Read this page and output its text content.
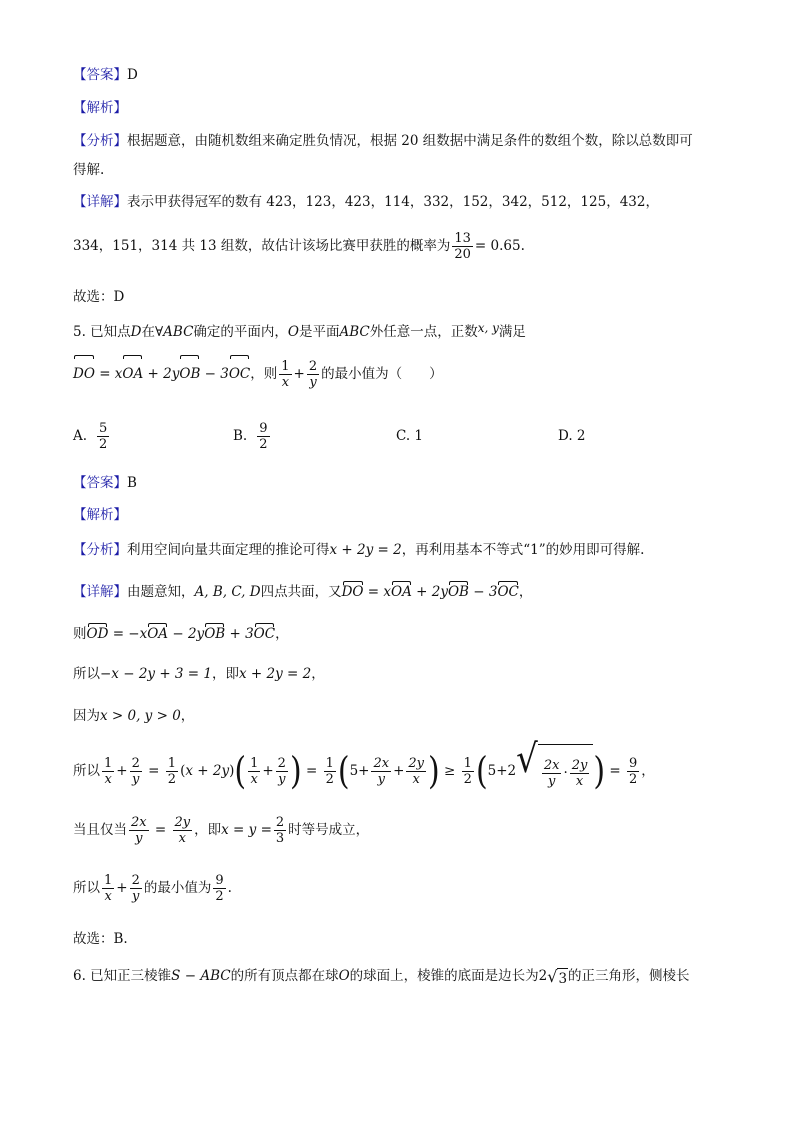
【答案】D
【解析】
【分析】根据题意，由随机数组来确定胜负情况，根据 20 组数据中满足条件的数组个数，除以总数即可
得解.
【详解】表示甲获得冠军的数有 423，123，423，114，332，152，342，512，125，432，
334，151，314 共 13 组数，故估计该场比赛甲获胜的概率为 $\frac{13}{20} = 0.65$.
故选：D
5. 已知点D在∀ABC确定的平面内，O是平面ABC外任意一点，正数x, y满足
DO = xOA + 2yOB − 3OC，则 $\frac{1}{x} + \frac{2}{y}$ 的最小值为（　　）
A. $\frac{5}{2}$	B. $\frac{9}{2}$	C. 1	D. 2
【答案】B
【解析】
【分析】利用空间向量共面定理的推论可得x + 2y = 2，再利用基本不等式“1”的妙用即可得解.
【详解】由题意知，A, B, C, D四点共面，又DO = xOA + 2yOB − 3OC，
则OD = −xOA − 2yOB + 3OC，
所以−x − 2y + 3 = 1，即x + 2y = 2，
因为x > 0, y > 0，
所以 $\frac{1}{x} + \frac{2}{y} = \frac{1}{2} (x + 2y)( \frac{1}{x} + \frac{2}{y}$ ) = $\frac{1}{2} (5+ \frac{2x}{y} + \frac{2y}{x}$ ) ≥ $\frac{1}{2} (5+2$ √ $\frac{2x}{y} \cdot \frac{2y}{x}$ ) = $\frac{9}{2}$ ，
当且仅当 $\frac{2x}{y} = \frac{2y}{x}$ ，即$x = y = \frac{2}{3}$ 时等号成立，
所以 $\frac{1}{x} + \frac{2}{y}$ 的最小值为 $\frac{9}{2}$ .
故选：B.
6. 已知正三棱锥S − ABC的所有顶点都在球O的球面上，棱锥的底面是边长为2 √ 3 的正三角形，侧棱长
